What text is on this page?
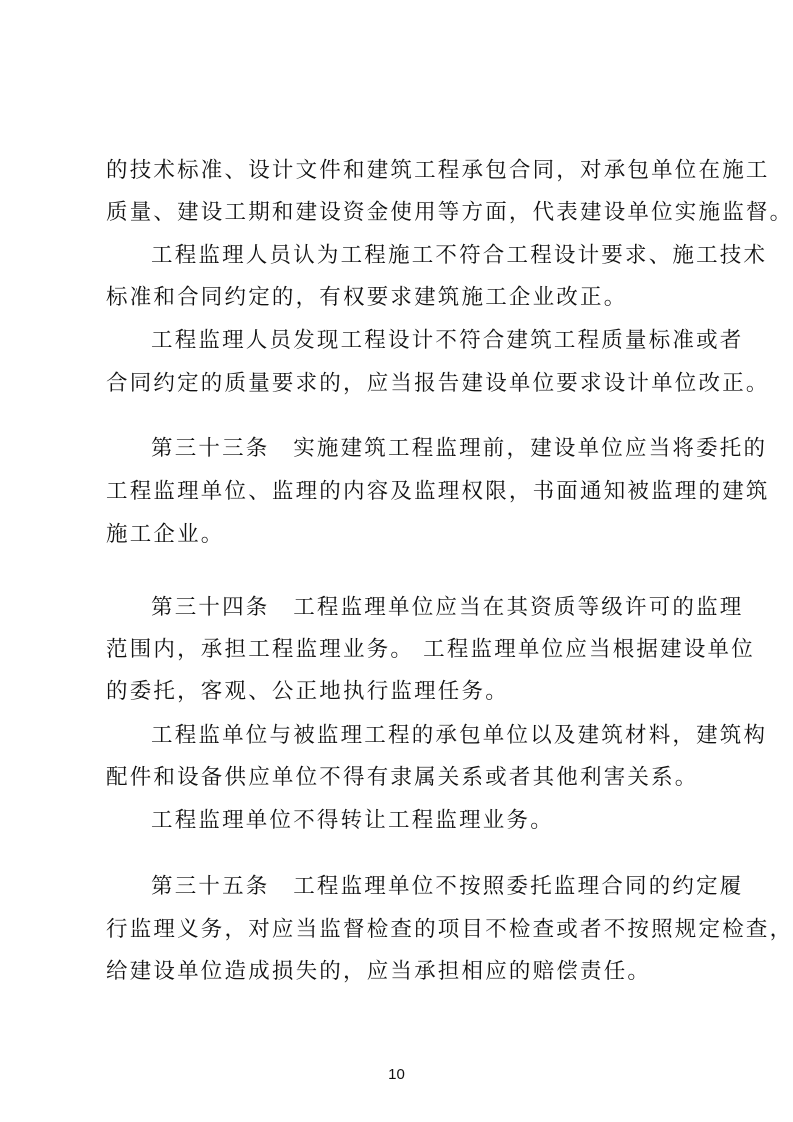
的技术标准、设计文件和建筑工程承包合同，对承包单位在施工
质量、建设工期和建设资金使用等方面，代表建设单位实施监督。
工程监理人员认为工程施工不符合工程设计要求、施工技术
标准和合同约定的，有权要求建筑施工企业改正。
工程监理人员发现工程设计不符合建筑工程质量标准或者
合同约定的质量要求的，应当报告建设单位要求设计单位改正。
第三十三条　实施建筑工程监理前，建设单位应当将委托的
工程监理单位、监理的内容及监理权限，书面通知被监理的建筑
施工企业。
第三十四条　工程监理单位应当在其资质等级许可的监理
范围内，承担工程监理业务。 工程监理单位应当根据建设单位
的委托，客观、公正地执行监理任务。
工程监单位与被监理工程的承包单位以及建筑材料，建筑构
配件和设备供应单位不得有隶属关系或者其他利害关系。
工程监理单位不得转让工程监理业务。
第三十五条　工程监理单位不按照委托监理合同的约定履
行监理义务，对应当监督检查的项目不检查或者不按照规定检查，
给建设单位造成损失的，应当承担相应的赔偿责任。
10
